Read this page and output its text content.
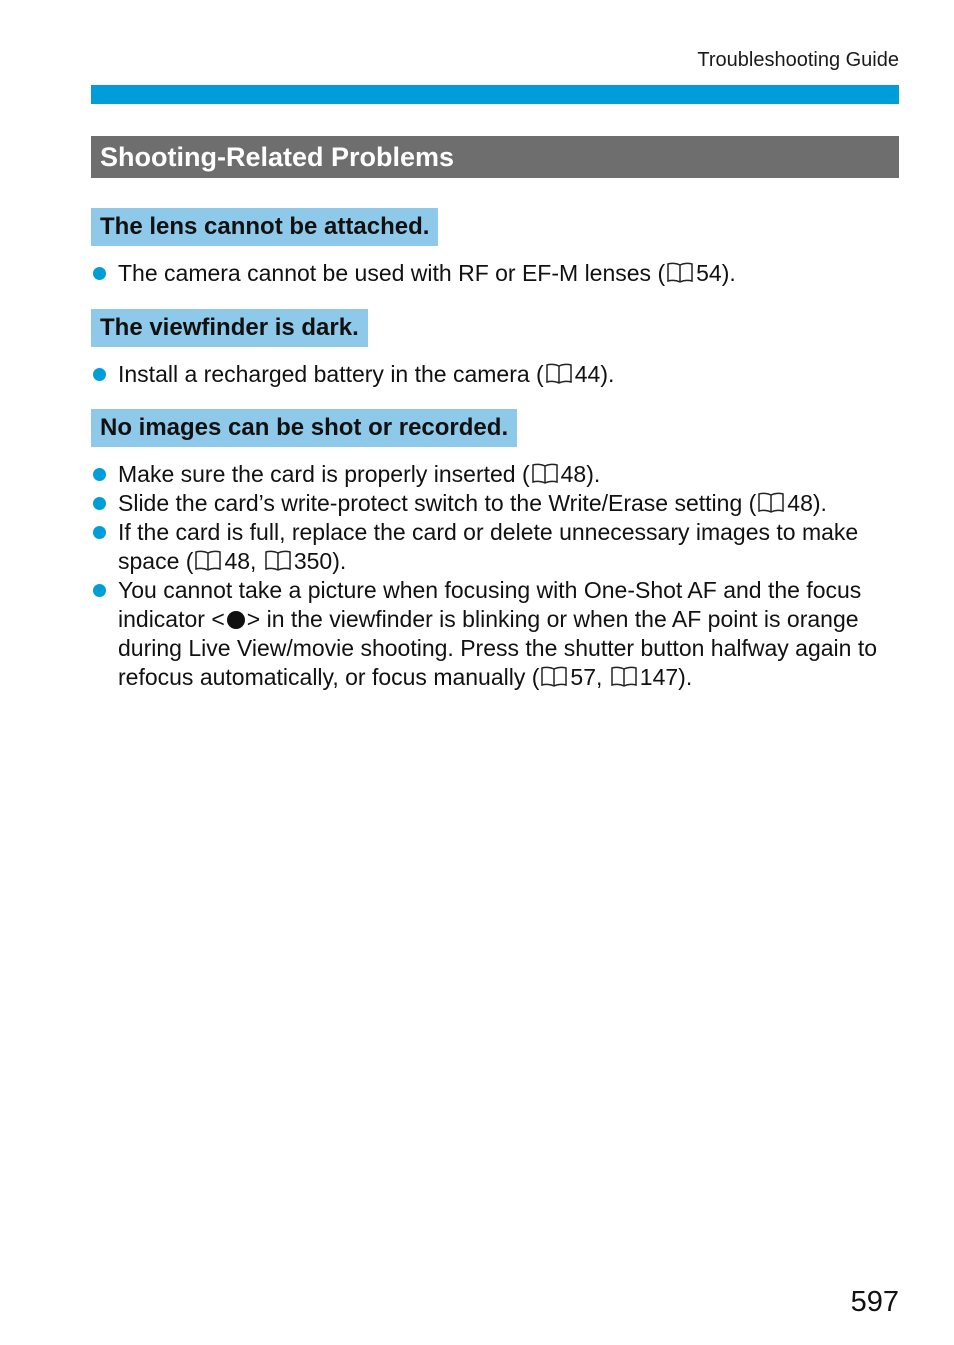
Troubleshooting Guide
Shooting-Related Problems
The lens cannot be attached.
The camera cannot be used with RF or EF-M lenses ( 54).
The viewfinder is dark.
Install a recharged battery in the camera ( 44).
No images can be shot or recorded.
Make sure the card is properly inserted ( 48).
Slide the card’s write-protect switch to the Write/Erase setting ( 48).
If the card is full, replace the card or delete unnecessary images to make space ( 48, 350).
You cannot take a picture when focusing with One-Shot AF and the focus indicator < > in the viewfinder is blinking or when the AF point is orange during Live View/movie shooting. Press the shutter button halfway again to refocus automatically, or focus manually ( 57, 147).
597
